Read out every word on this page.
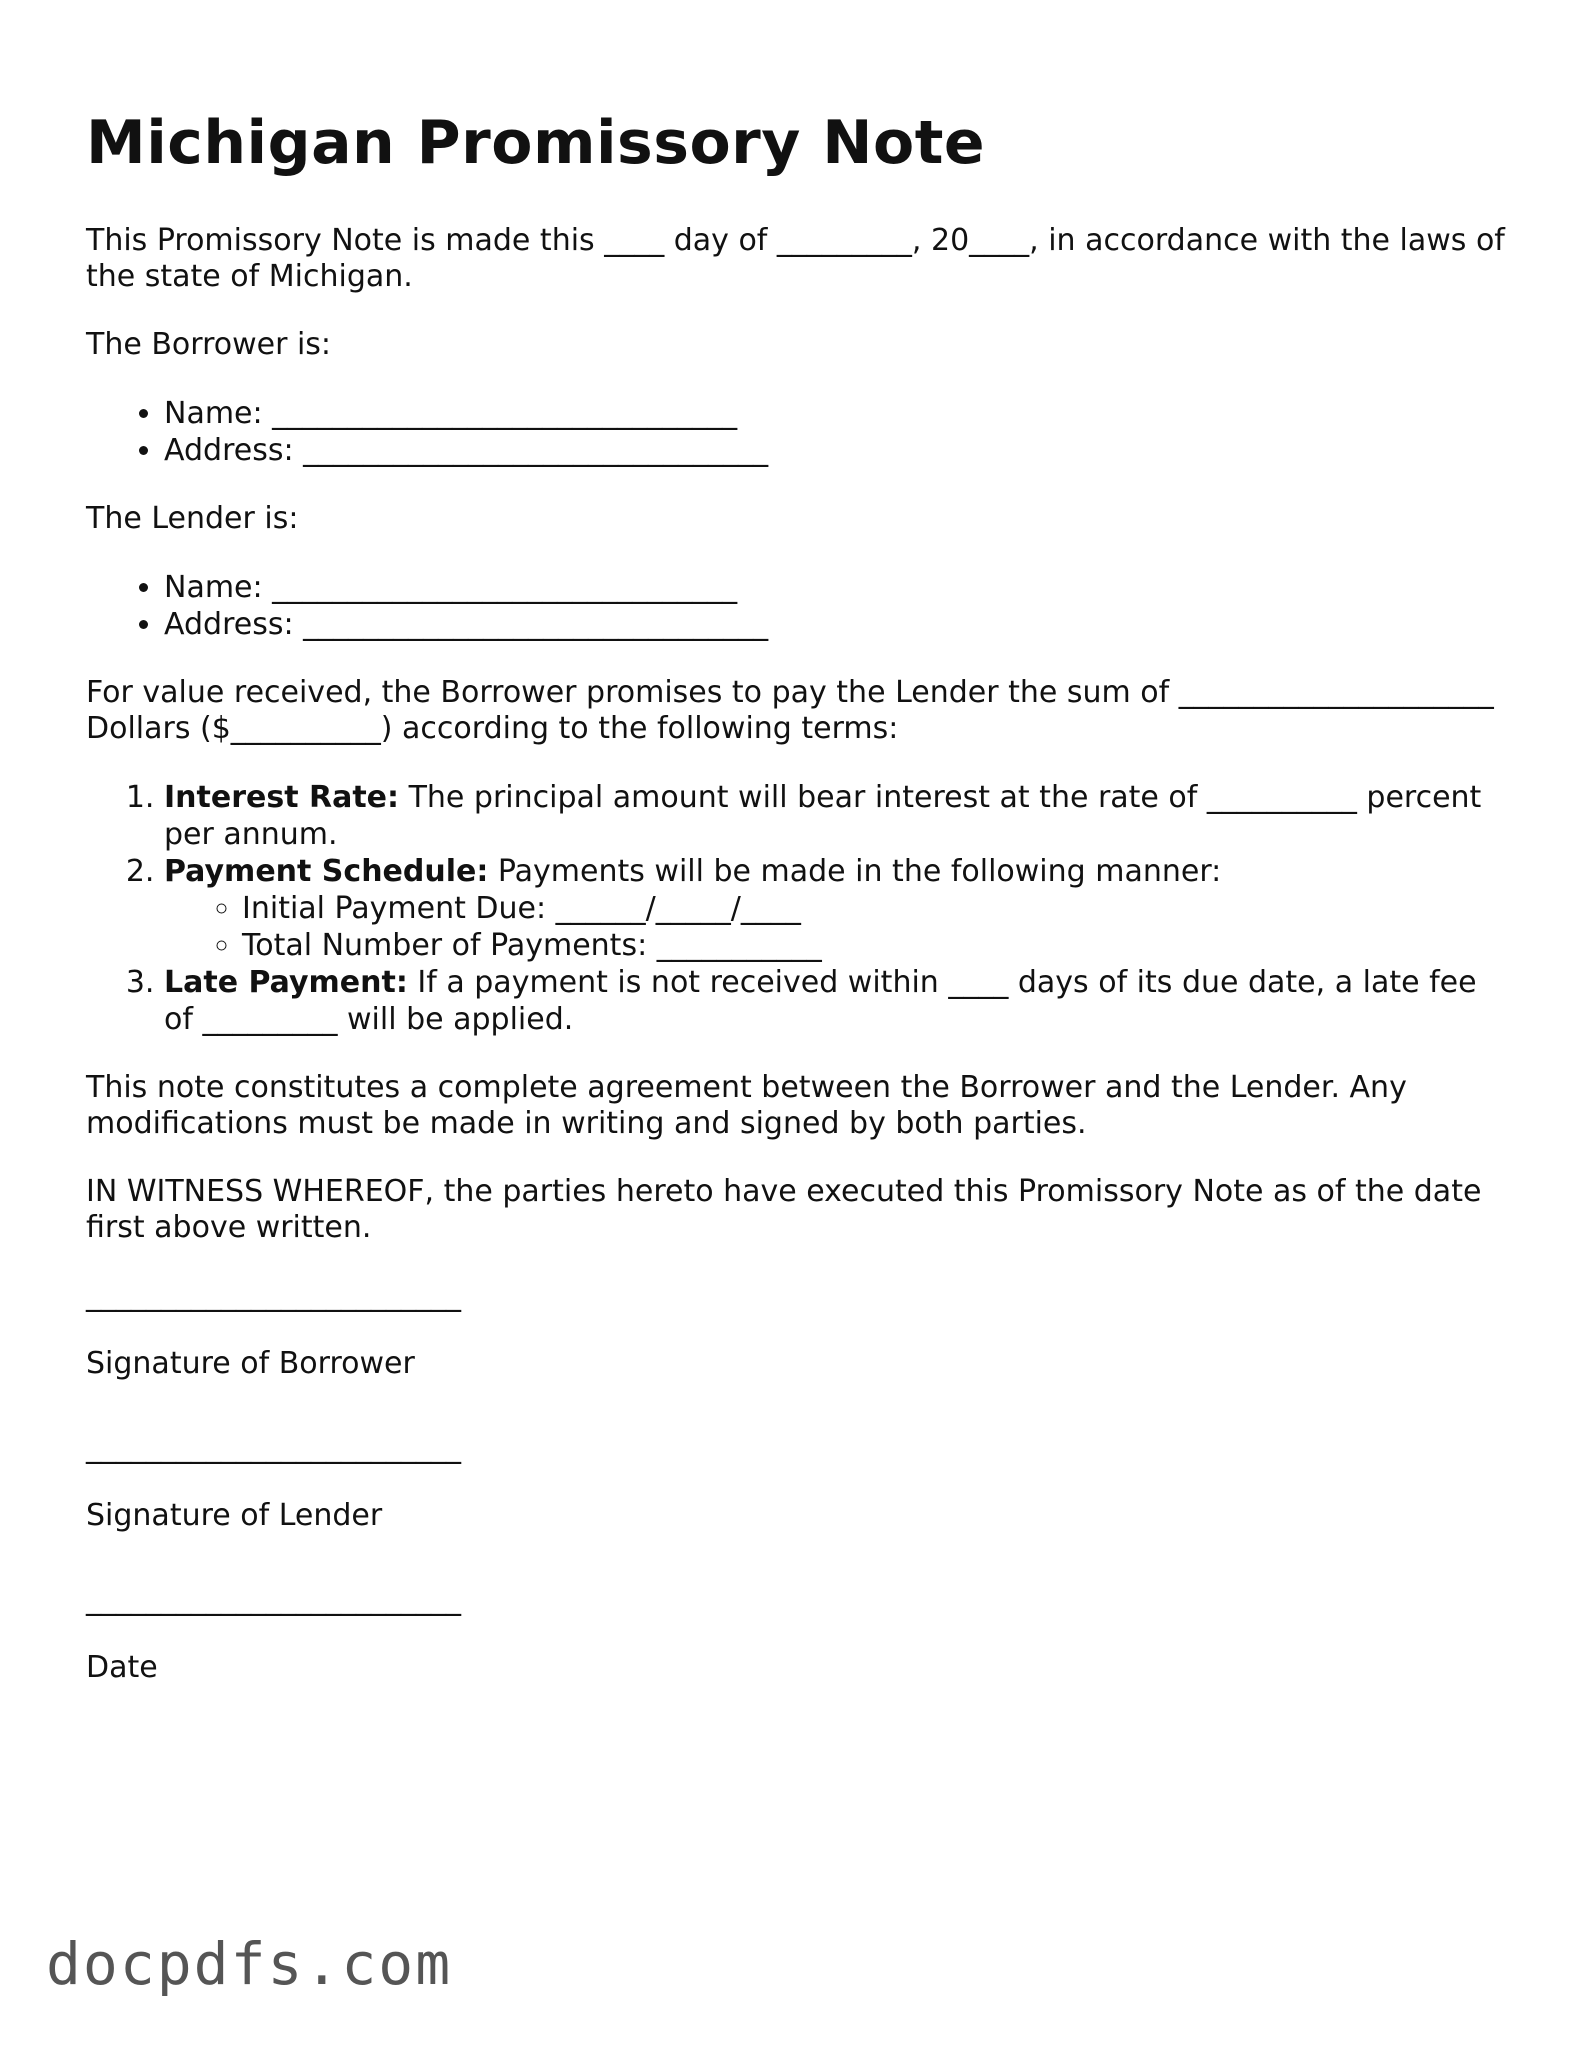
Michigan Promissory Note

This Promissory Note is made this ____ day of _________, 20____, in accordance with the laws of the state of Michigan.

The Borrower is:

• Name: _______________________________
• Address: _______________________________

The Lender is:

• Name: _______________________________
• Address: _______________________________

For value received, the Borrower promises to pay the Lender the sum of _____________________ Dollars ($__________) according to the following terms:

1. Interest Rate: The principal amount will bear interest at the rate of __________ percent per annum.
2. Payment Schedule: Payments will be made in the following manner:
◦ Initial Payment Due: ______/_____/____
◦ Total Number of Payments: ___________
3. Late Payment: If a payment is not received within ____ days of its due date, a late fee of _________ will be applied.

This note constitutes a complete agreement between the Borrower and the Lender. Any modifications must be made in writing and signed by both parties.

IN WITNESS WHEREOF, the parties hereto have executed this Promissory Note as of the date first above written.

_________________________
Signature of Borrower
_________________________
Signature of Lender
_________________________
Date
docpdfs.com
